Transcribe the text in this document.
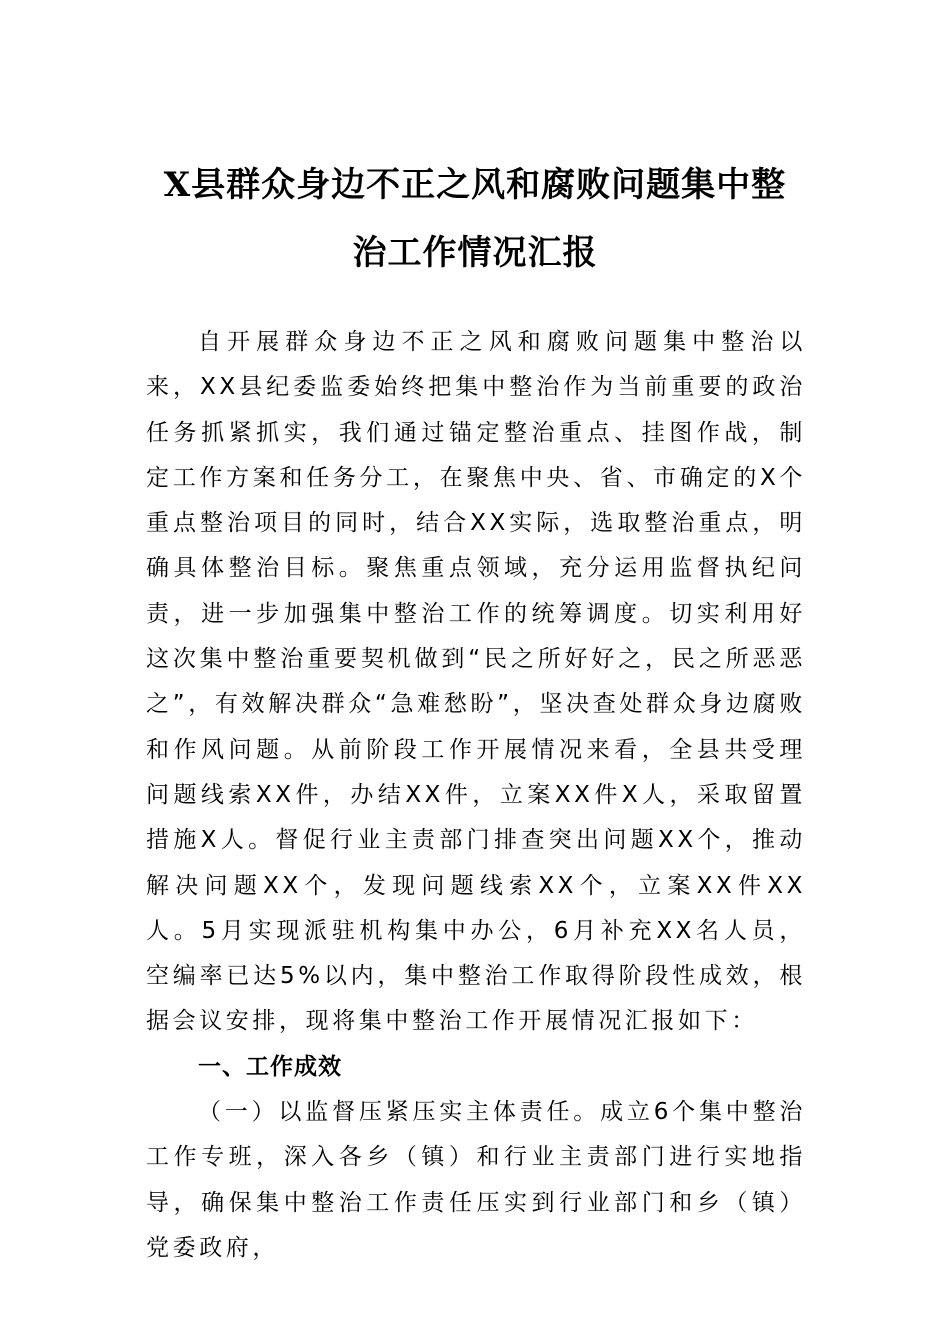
X县群众身边不正之风和腐败问题集中整
治工作情况汇报

自开展群众身边不正之风和腐败问题集中整治以来，XX县纪委监委始终把集中整治作为当前重要的政治任务抓紧抓实，我们通过锚定整治重点、挂图作战，制定工作方案和任务分工，在聚焦中央、省、市确定的X个重点整治项目的同时，结合XX实际，选取整治重点，明确具体整治目标。聚焦重点领域，充分运用监督执纪问责，进一步加强集中整治工作的统筹调度。切实利用好这次集中整治重要契机做到“民之所好好之，民之所恶恶之”，有效解决群众“急难愁盼”，坚决查处群众身边腐败和作风问题。从前阶段工作开展情况来看，全县共受理问题线索XX件，办结XX件，立案XX件X人，采取留置措施X人。督促行业主责部门排查突出问题XX个，推动解决问题XX个，发现问题线索XX个，立案XX件XX人。5月实现派驻机构集中办公，6月补充XX名人员，空编率已达5%以内，集中整治工作取得阶段性成效，根据会议安排，现将集中整治工作开展情况汇报如下：

一、工作成效

（一）以监督压紧压实主体责任。成立6个集中整治工作专班，深入各乡（镇）和行业主责部门进行实地指导，确保集中整治工作责任压实到行业部门和乡（镇）党委政府，
